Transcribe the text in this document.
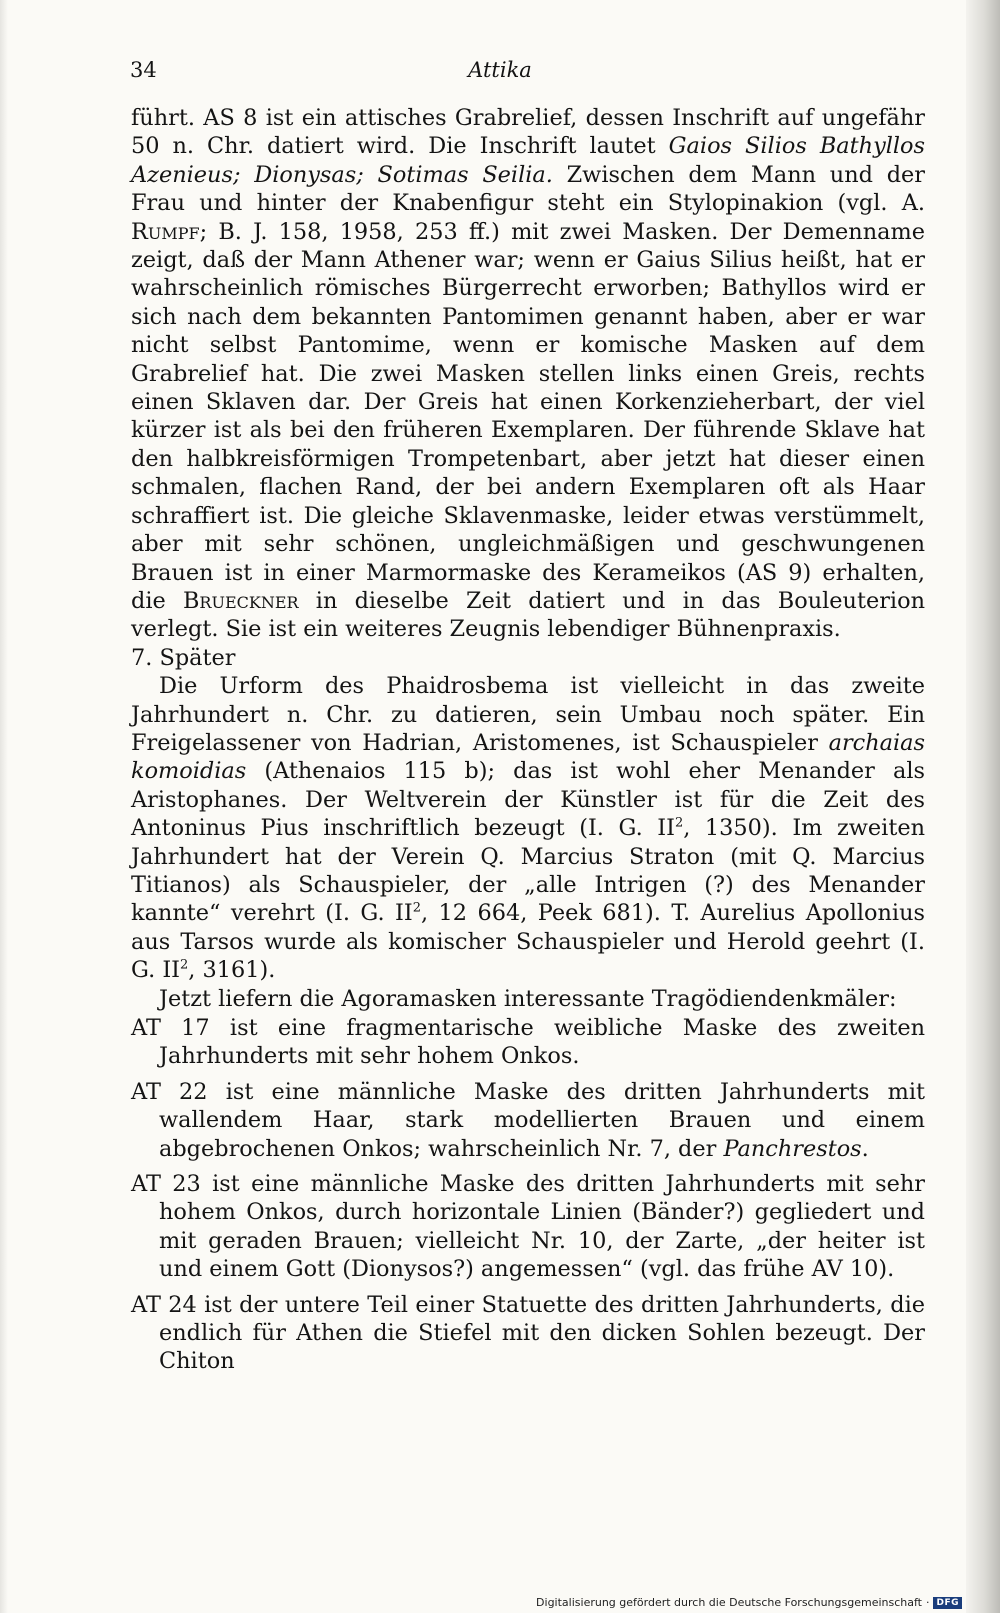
34	Attika

führt. AS 8 ist ein attisches Grabrelief, dessen Inschrift auf ungefähr 50 n. Chr. datiert wird. Die Inschrift lautet Gaios Silios Bathyllos Azenieus; Dionysas; Sotimas Seilia. Zwischen dem Mann und der Frau und hinter der Knabenfigur steht ein Stylopinakion (vgl. A. Rumpf; B. J. 158, 1958, 253 ff.) mit zwei Masken. Der Demenname zeigt, daß der Mann Athener war; wenn er Gaius Silius heißt, hat er wahrscheinlich römisches Bürgerrecht erworben; Bathyllos wird er sich nach dem bekannten Pantomimen genannt haben, aber er war nicht selbst Pantomime, wenn er komische Masken auf dem Grabrelief hat. Die zwei Masken stellen links einen Greis, rechts einen Sklaven dar. Der Greis hat einen Korkenzieherbart, der viel kürzer ist als bei den früheren Exemplaren. Der führende Sklave hat den halbkreisförmigen Trompetenbart, aber jetzt hat dieser einen schmalen, flachen Rand, der bei andern Exemplaren oft als Haar schraffiert ist. Die gleiche Sklavenmaske, leider etwas verstümmelt, aber mit sehr schönen, ungleichmäßigen und geschwungenen Brauen ist in einer Marmormaske des Kerameikos (AS 9) erhalten, die Brueckner in dieselbe Zeit datiert und in das Bouleuterion verlegt. Sie ist ein weiteres Zeugnis lebendiger Bühnenpraxis.

7. Später

Die Urform des Phaidrosbema ist vielleicht in das zweite Jahrhundert n. Chr. zu datieren, sein Umbau noch später. Ein Freigelassener von Hadrian, Aristomenes, ist Schauspieler archaias komoidias (Athenaios 115 b); das ist wohl eher Menander als Aristophanes. Der Weltverein der Künstler ist für die Zeit des Antoninus Pius inschriftlich bezeugt (I. G. $II^2$, 1350). Im zweiten Jahrhundert hat der Verein Q. Marcius Straton (mit Q. Marcius Titianos) als Schauspieler, der „alle Intrigen (?) des Menander kannte“ verehrt (I. G. $II^2$, 12 664, Peek 681). T. Aurelius Apollonius aus Tarsos wurde als komischer Schauspieler und Herold geehrt (I. G. $II^2$, 3161).

Jetzt liefern die Agoramasken interessante Tragödiendenkmäler:

AT 17 ist eine fragmentarische weibliche Maske des zweiten Jahrhunderts mit sehr hohem Onkos.

AT 22 ist eine männliche Maske des dritten Jahrhunderts mit wallendem Haar, stark modellierten Brauen und einem abgebrochenen Onkos; wahrscheinlich Nr. 7, der Panchrestos.

AT 23 ist eine männliche Maske des dritten Jahrhunderts mit sehr hohem Onkos, durch horizontale Linien (Bänder?) gegliedert und mit geraden Brauen; vielleicht Nr. 10, der Zarte, „der heiter ist und einem Gott (Dionysos?) angemessen“ (vgl. das frühe AV 10).

AT 24 ist der untere Teil einer Statuette des dritten Jahrhunderts, die endlich für Athen die Stiefel mit den dicken Sohlen bezeugt. Der Chiton

Digitalisierung gefördert durch die Deutsche Forschungsgemeinschaft · DFG
